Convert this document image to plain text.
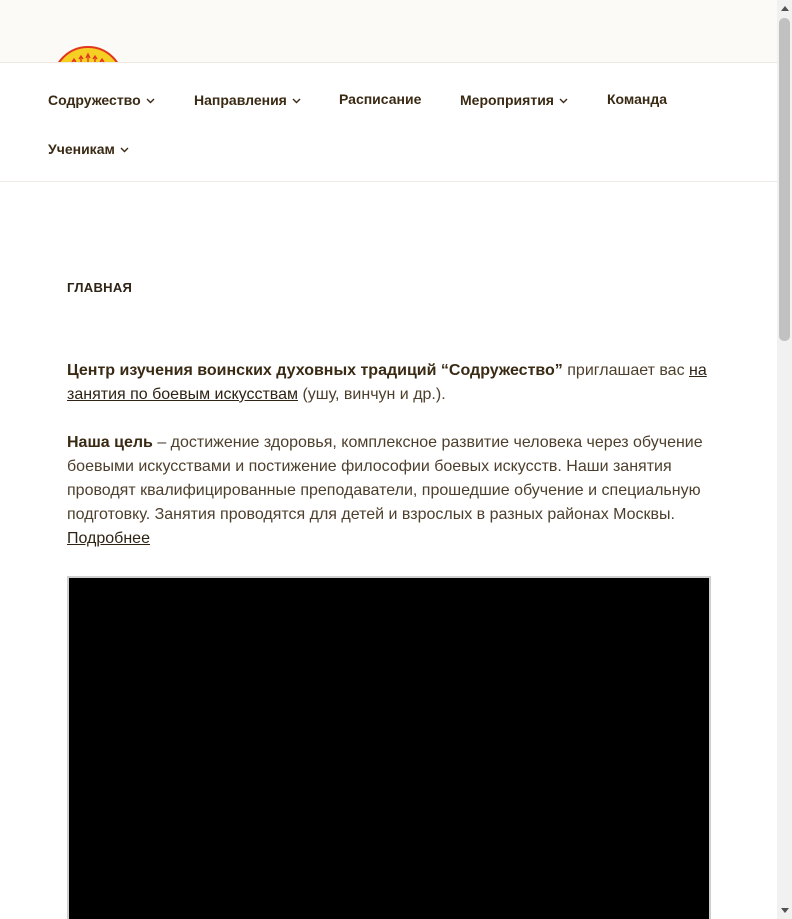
Содружество	Направления	Расписание	Мероприятия	Команда
Ученикам
ГЛАВНАЯ

Центр изучения воинских духовных традиций “Содружество” приглашает вас на занятия по боевым искусствам (ушу, винчун и др.).

Наша цель – достижение здоровья, комплексное развитие человека через обучение боевыми искусствами и постижение философии боевых искусств. Наши занятия проводят квалифицированные преподаватели, прошедшие обучение и специальную подготовку. Занятия проводятся для детей и взрослых в разных районах Москвы. Подробнее
